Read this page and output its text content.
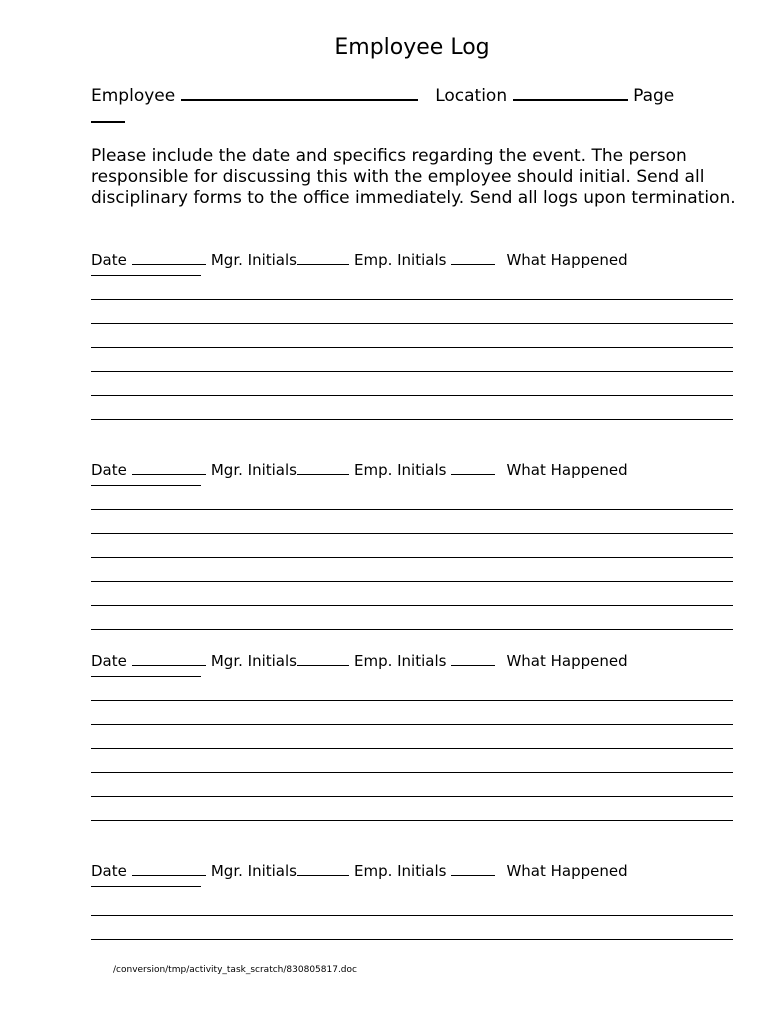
Employee Log
Employee	Location	Page
Please include the date and specifics regarding the event. The person responsible for discussing this with the employee should initial. Send all disciplinary forms to the office immediately. Send all logs upon termination.
Date	Mgr. Initials	Emp. Initials	What Happened
Date	Mgr. Initials	Emp. Initials	What Happened
Date	Mgr. Initials	Emp. Initials	What Happened
Date	Mgr. Initials	Emp. Initials	What Happened
/conversion/tmp/activity_task_scratch/830805817.doc
